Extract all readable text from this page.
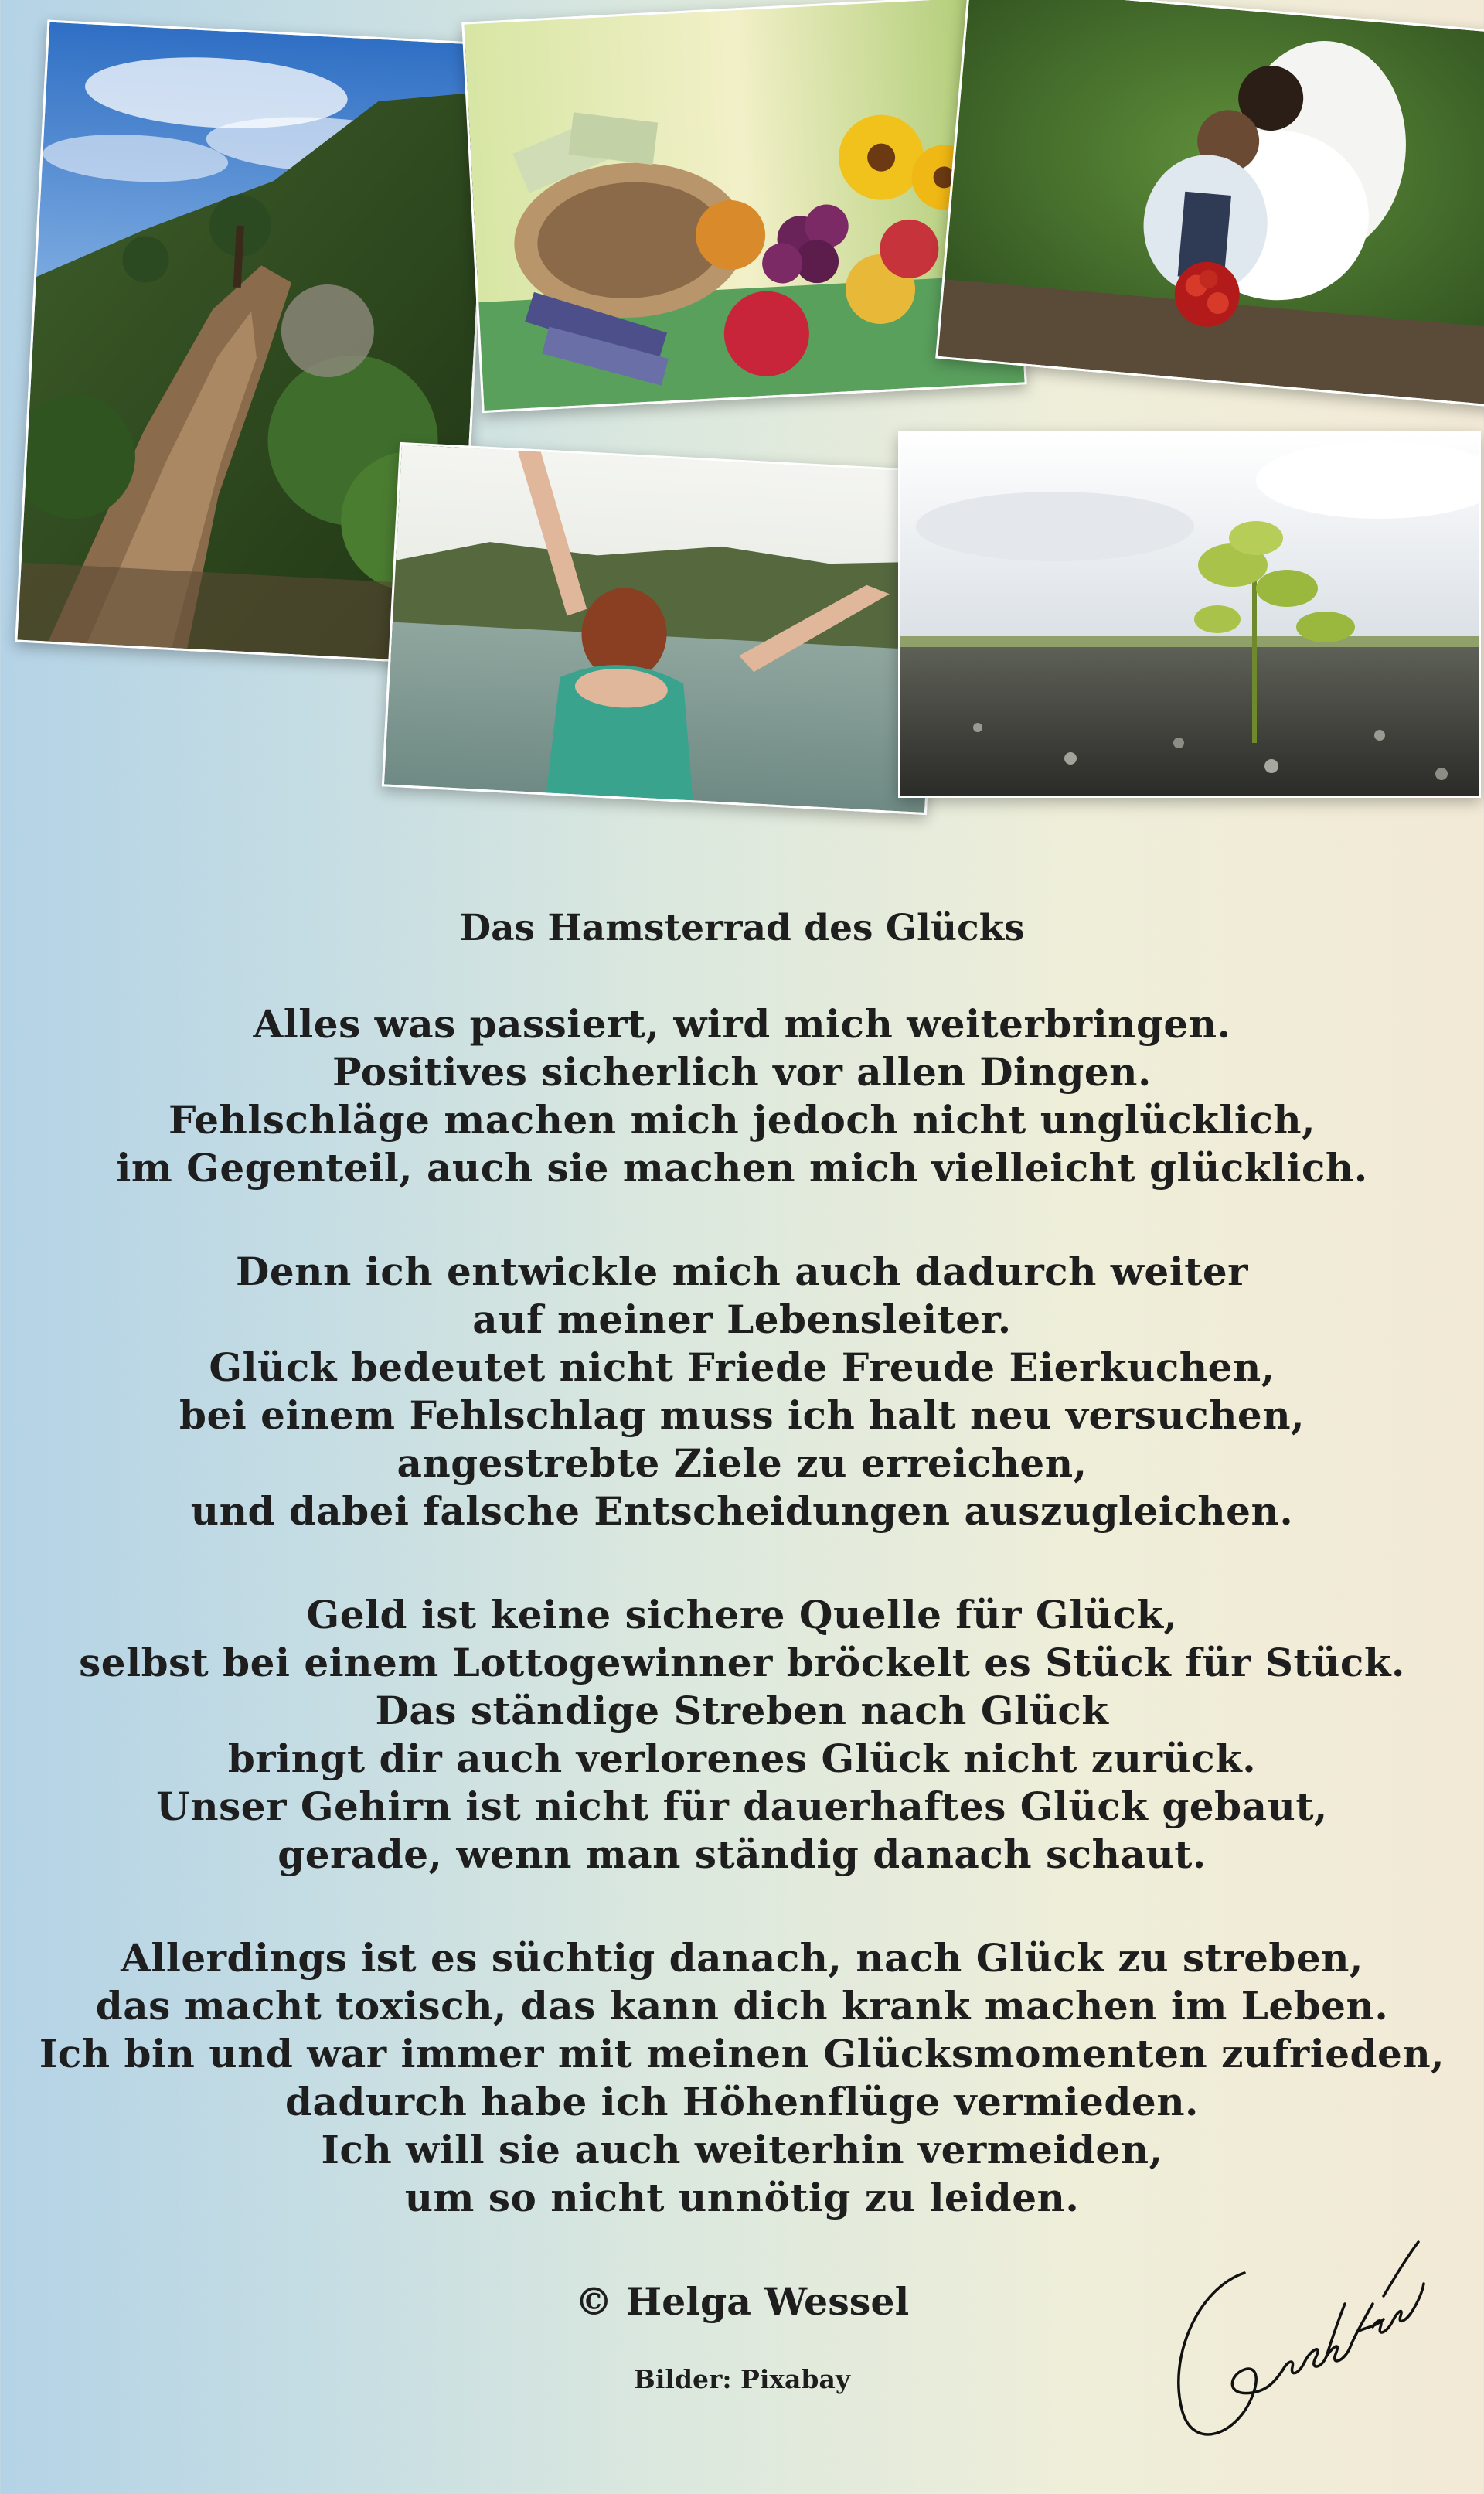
Das Hamsterrad des Glücks
Alles was passiert, wird mich weiterbringen.
Positives sicherlich vor allen Dingen.
Fehlschläge machen mich jedoch nicht unglücklich,
im Gegenteil, auch sie machen mich vielleicht glücklich.
Denn ich entwickle mich auch dadurch weiter
auf meiner Lebensleiter.
Glück bedeutet nicht Friede Freude Eierkuchen,
bei einem Fehlschlag muss ich halt neu versuchen,
angestrebte Ziele zu erreichen,
und dabei falsche Entscheidungen auszugleichen.
Geld ist keine sichere Quelle für Glück,
selbst bei einem Lottogewinner bröckelt es Stück für Stück.
Das ständige Streben nach Glück
bringt dir auch verlorenes Glück nicht zurück.
Unser Gehirn ist nicht für dauerhaftes Glück gebaut,
gerade, wenn man ständig danach schaut.
Allerdings ist es süchtig danach, nach Glück zu streben,
das macht toxisch, das kann dich krank machen im Leben.
Ich bin und war immer mit meinen Glücksmomenten zufrieden,
dadurch habe ich Höhenflüge vermieden.
Ich will sie auch weiterhin vermeiden,
um so nicht unnötig zu leiden.
© Helga Wessel
Bilder: Pixabay
